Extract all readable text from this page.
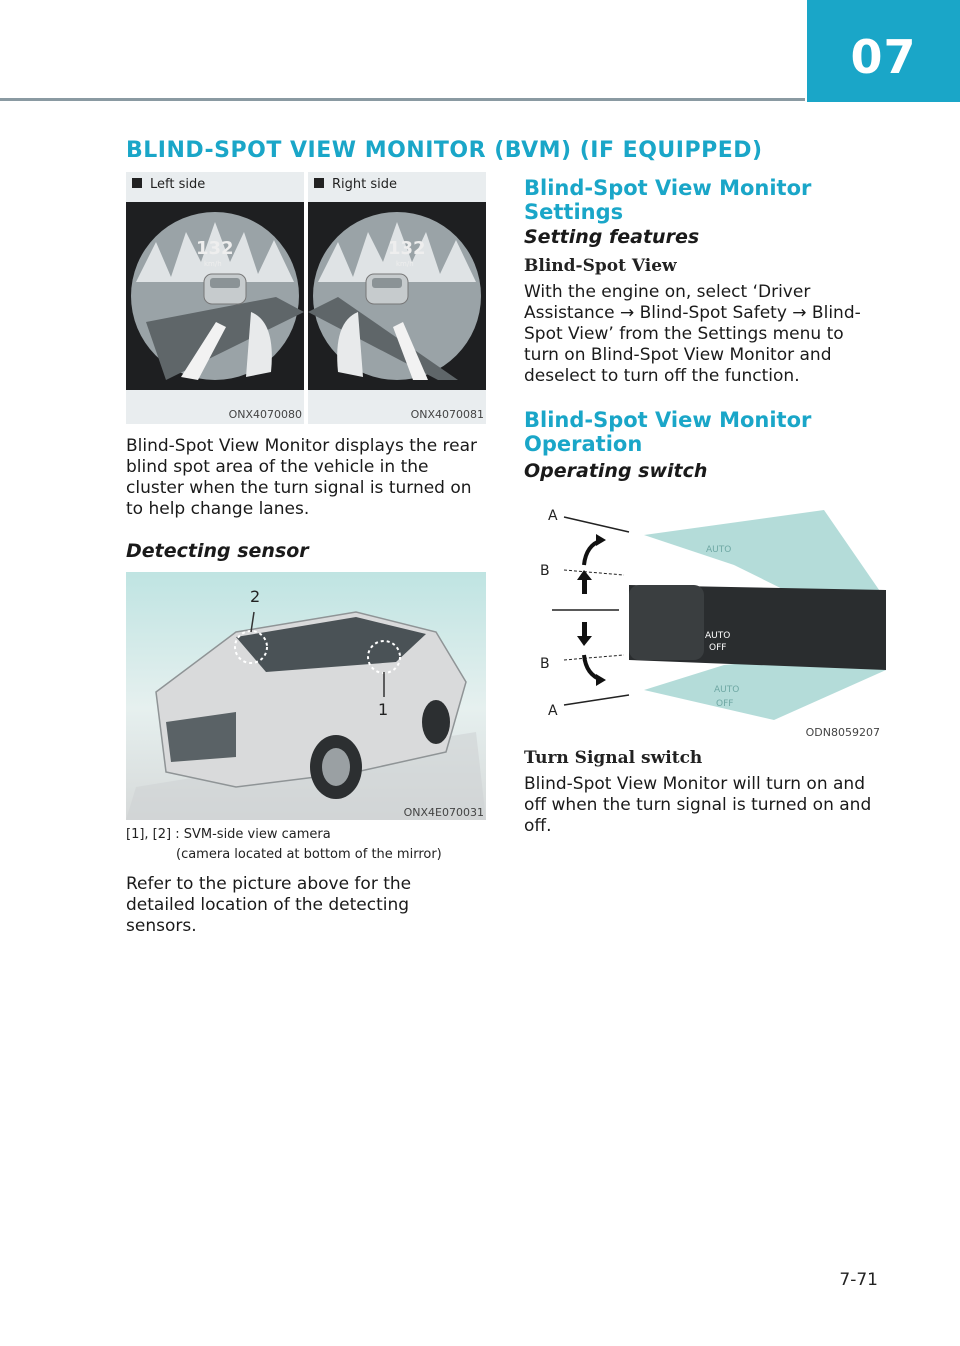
07
BLIND-SPOT VIEW MONITOR (BVM) (IF EQUIPPED)
Left side
132
km/h
ONX4070080
Right side
132
km/h
ONX4070081
Blind-Spot View Monitor displays the rear blind spot area of the vehicle in the cluster when the turn signal is turned on to help change lanes.
Detecting sensor
2
1
ONX4E070031
[1], [2] : SVM-side view camera
(camera located at bottom of the mirror)
Refer to the picture above for the detailed location of the detecting sensors.
Blind-Spot View Monitor Settings
Setting features
Blind-Spot View
With the engine on, select ‘Driver Assistance → Blind-Spot Safety → Blind-Spot View’ from the Settings menu to turn on Blind-Spot View Monitor and deselect to turn off the function.
Blind-Spot View Monitor Operation
Operating switch
AUTO
OFF
AUTO
AUTO
OFF
A
B
B
A
ODN8059207
Turn Signal switch
Blind-Spot View Monitor will turn on and off when the turn signal is turned on and off.
7-71
